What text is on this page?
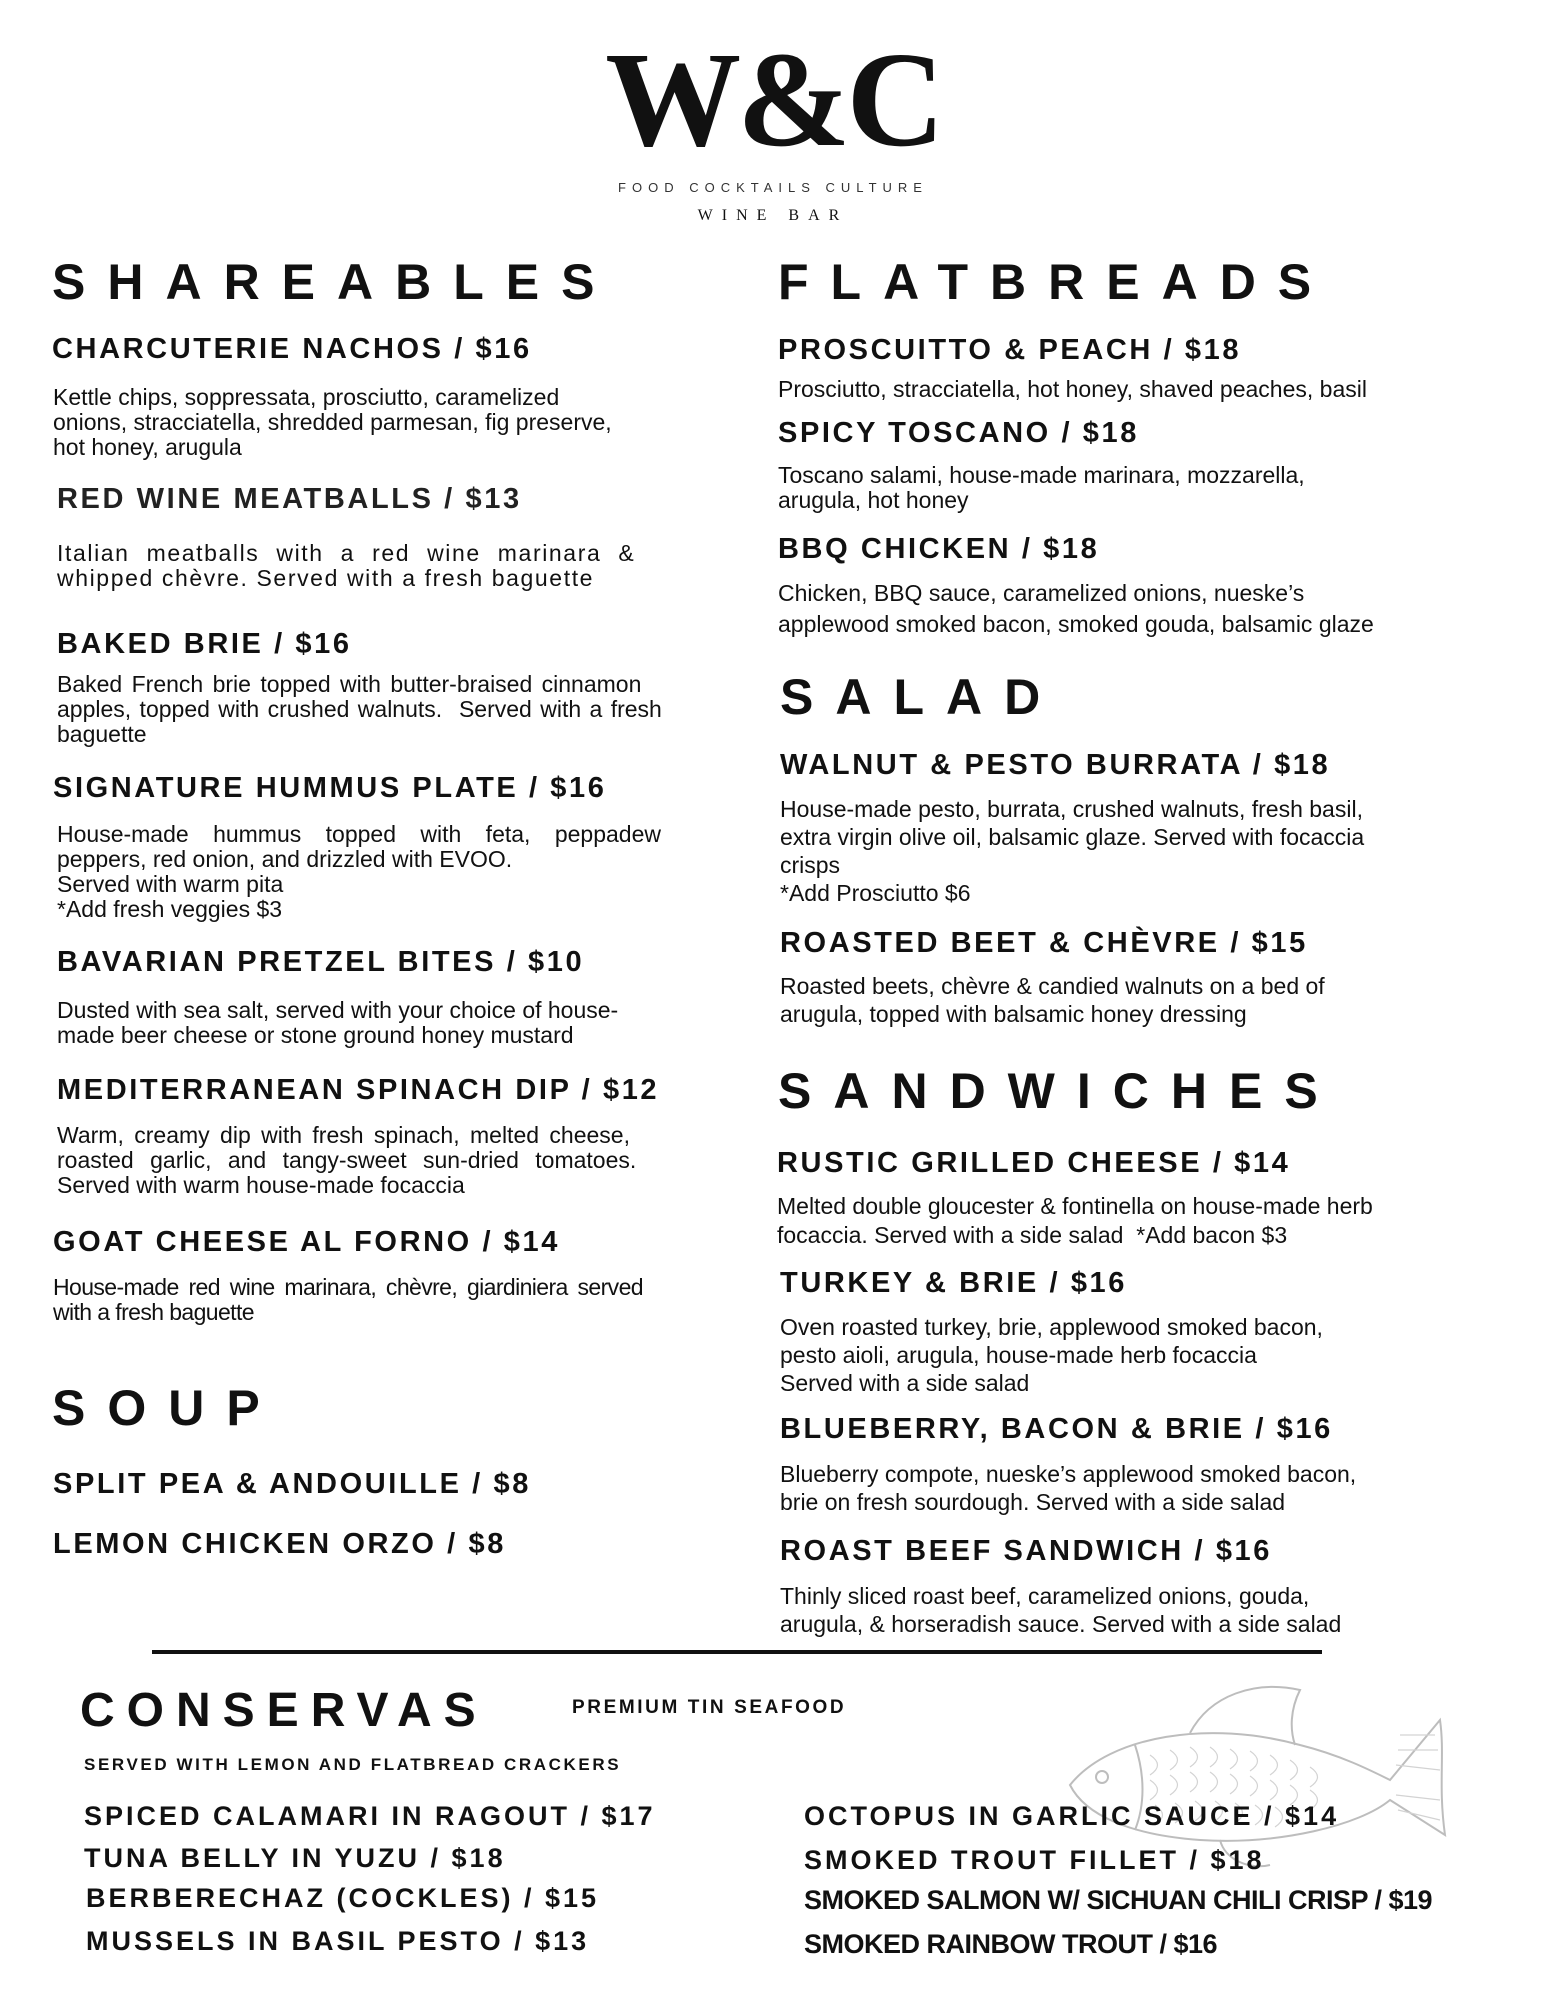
W&C
FOOD COCKTAILS CULTURE
WINE BAR
SHAREABLES
CHARCUTERIE NACHOS / $16
Kettle chips, soppressata, prosciutto, caramelized
onions, stracciatella, shredded parmesan, fig preserve,
hot honey, arugula
RED WINE MEATBALLS / $13
Italian meatballs with a red wine marinara &
whipped chèvre. Served with a fresh baguette
BAKED BRIE / $16
Baked French brie topped with butter-braised cinnamon
apples, topped with crushed walnuts.  Served with a fresh
baguette
SIGNATURE HUMMUS PLATE / $16
House-made hummus topped with feta, peppadew
peppers, red onion, and drizzled with EVOO.
Served with warm pita
*Add fresh veggies $3
BAVARIAN PRETZEL BITES / $10
Dusted with sea salt, served with your choice of house-
made beer cheese or stone ground honey mustard
MEDITERRANEAN SPINACH DIP / $12
Warm, creamy dip with fresh spinach, melted cheese,
roasted garlic, and tangy-sweet sun-dried tomatoes.
Served with warm house-made focaccia
GOAT CHEESE AL FORNO / $14
House-made red wine marinara, chèvre, giardiniera served
with a fresh baguette
SOUP
SPLIT PEA & ANDOUILLE / $8
LEMON CHICKEN ORZO / $8
FLATBREADS
PROSCUITTO & PEACH / $18
Prosciutto, stracciatella, hot honey, shaved peaches, basil
SPICY TOSCANO / $18
Toscano salami, house-made marinara, mozzarella,
arugula, hot honey
BBQ CHICKEN / $18
Chicken, BBQ sauce, caramelized onions, nueske’s
applewood smoked bacon, smoked gouda, balsamic glaze
SALAD
WALNUT & PESTO BURRATA / $18
House-made pesto, burrata, crushed walnuts, fresh basil,
extra virgin olive oil, balsamic glaze. Served with focaccia
crisps
*Add Prosciutto $6
ROASTED BEET & CHÈVRE / $15
Roasted beets, chèvre & candied walnuts on a bed of
arugula, topped with balsamic honey dressing
SANDWICHES
RUSTIC GRILLED CHEESE / $14
Melted double gloucester & fontinella on house-made herb
focaccia. Served with a side salad  *Add bacon $3
TURKEY & BRIE / $16
Oven roasted turkey, brie, applewood smoked bacon,
pesto aioli, arugula, house-made herb focaccia
Served with a side salad
BLUEBERRY, BACON & BRIE / $16
Blueberry compote, nueske’s applewood smoked bacon,
brie on fresh sourdough. Served with a side salad
ROAST BEEF SANDWICH / $16
Thinly sliced roast beef, caramelized onions, gouda,
arugula, & horseradish sauce. Served with a side salad
CONSERVAS	PREMIUM TIN SEAFOOD
SERVED WITH LEMON AND FLATBREAD CRACKERS
SPICED CALAMARI IN RAGOUT / $17
TUNA BELLY IN YUZU / $18
BERBERECHAZ (COCKLES) / $15
MUSSELS IN BASIL PESTO / $13
OCTOPUS IN GARLIC SAUCE / $14
SMOKED TROUT FILLET / $18
SMOKED SALMON W/ SICHUAN CHILI CRISP / $19
SMOKED RAINBOW TROUT / $16
